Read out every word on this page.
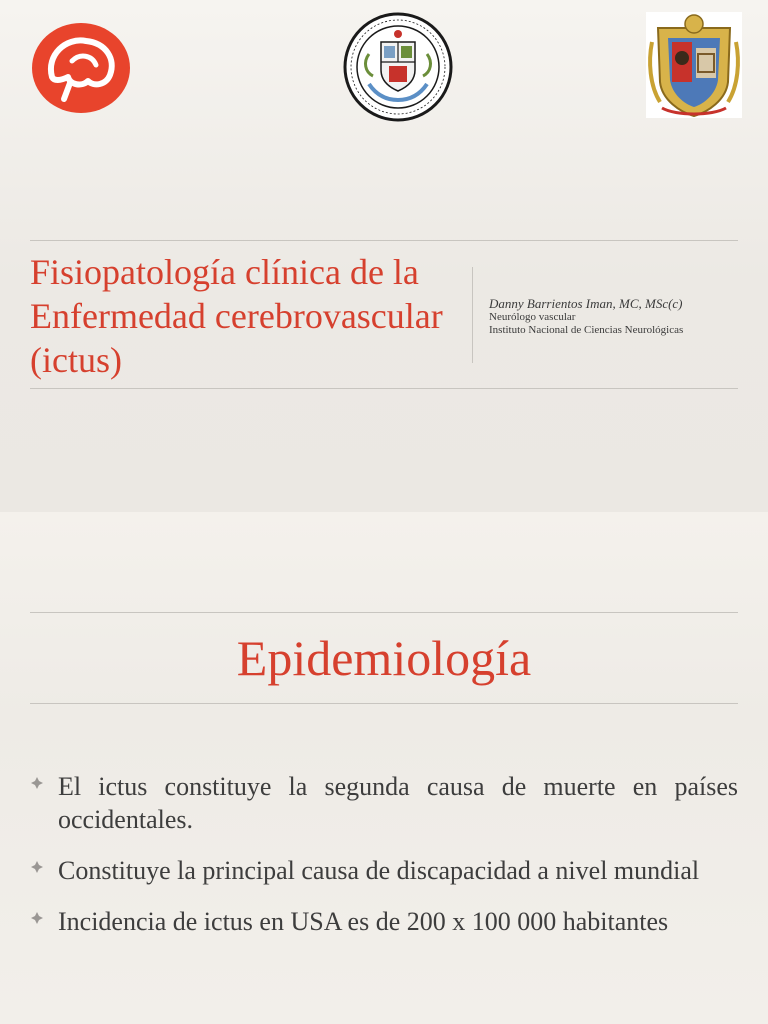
Fisiopatología clínica de la Enfermedad cerebrovascular (ictus)
Danny Barrientos Iman, MC, MSc(c)
Neurólogo vascular
Instituto Nacional de Ciencias Neurológicas
Epidemiología
El ictus constituye la segunda causa de muerte en países occidentales.
Constituye la principal causa de discapacidad a nivel mundial
Incidencia de ictus en USA es de 200 x 100 000 habitantes
